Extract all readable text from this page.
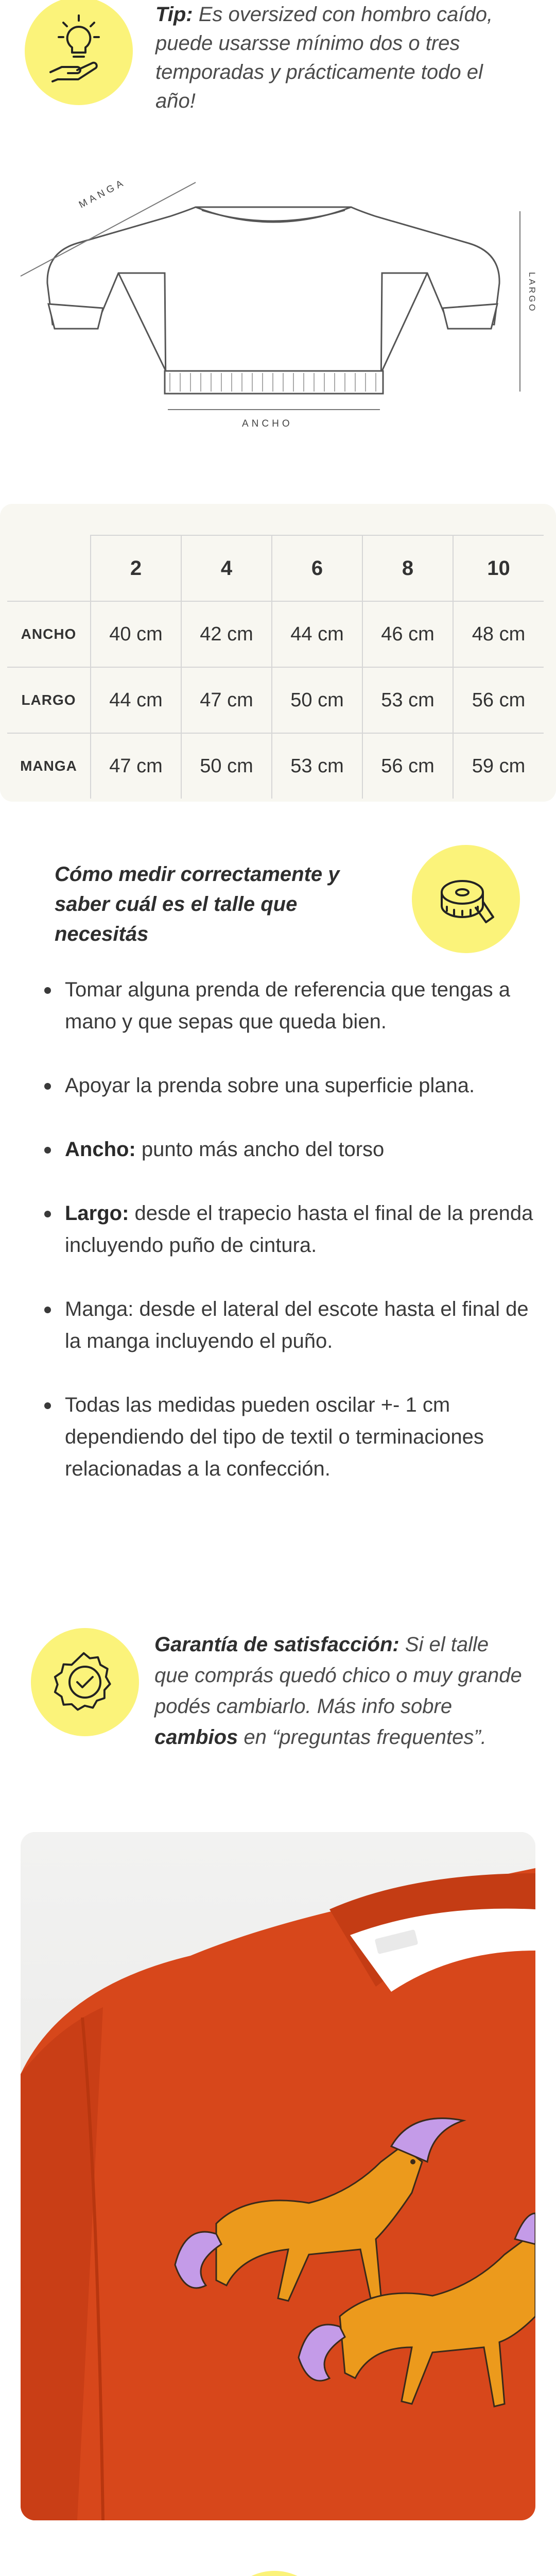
Tip: Es oversized con hombro caído, puede usarsse mínimo dos o tres temporadas y prácticamente todo el año!
MANGA
LARGO
ANCHO
	2	4	6	8	10
ANCHO	40 cm	42 cm	44 cm	46 cm	48 cm
LARGO	44 cm	47 cm	50 cm	53 cm	56 cm
MANGA	47 cm	50 cm	53 cm	56 cm	59 cm
Cómo medir correctamente y saber cuál es el talle que necesitás
Tomar alguna prenda de referencia que tengas a mano y que sepas que queda bien.
Apoyar la prenda sobre una superficie plana.
Ancho: punto más ancho del torso
Largo: desde el trapecio hasta el final de la prenda incluyendo puño de cintura.
Manga: desde el lateral del escote hasta el final de la manga incluyendo el puño.
Todas las medidas pueden oscilar +- 1 cm dependiendo del tipo de textil o terminaciones relacionadas a la confección.
Garantía de satisfacción: Si el talle que comprás quedó chico o muy grande podés cambiarlo. Más info sobre cambios en “preguntas frequentes”.
